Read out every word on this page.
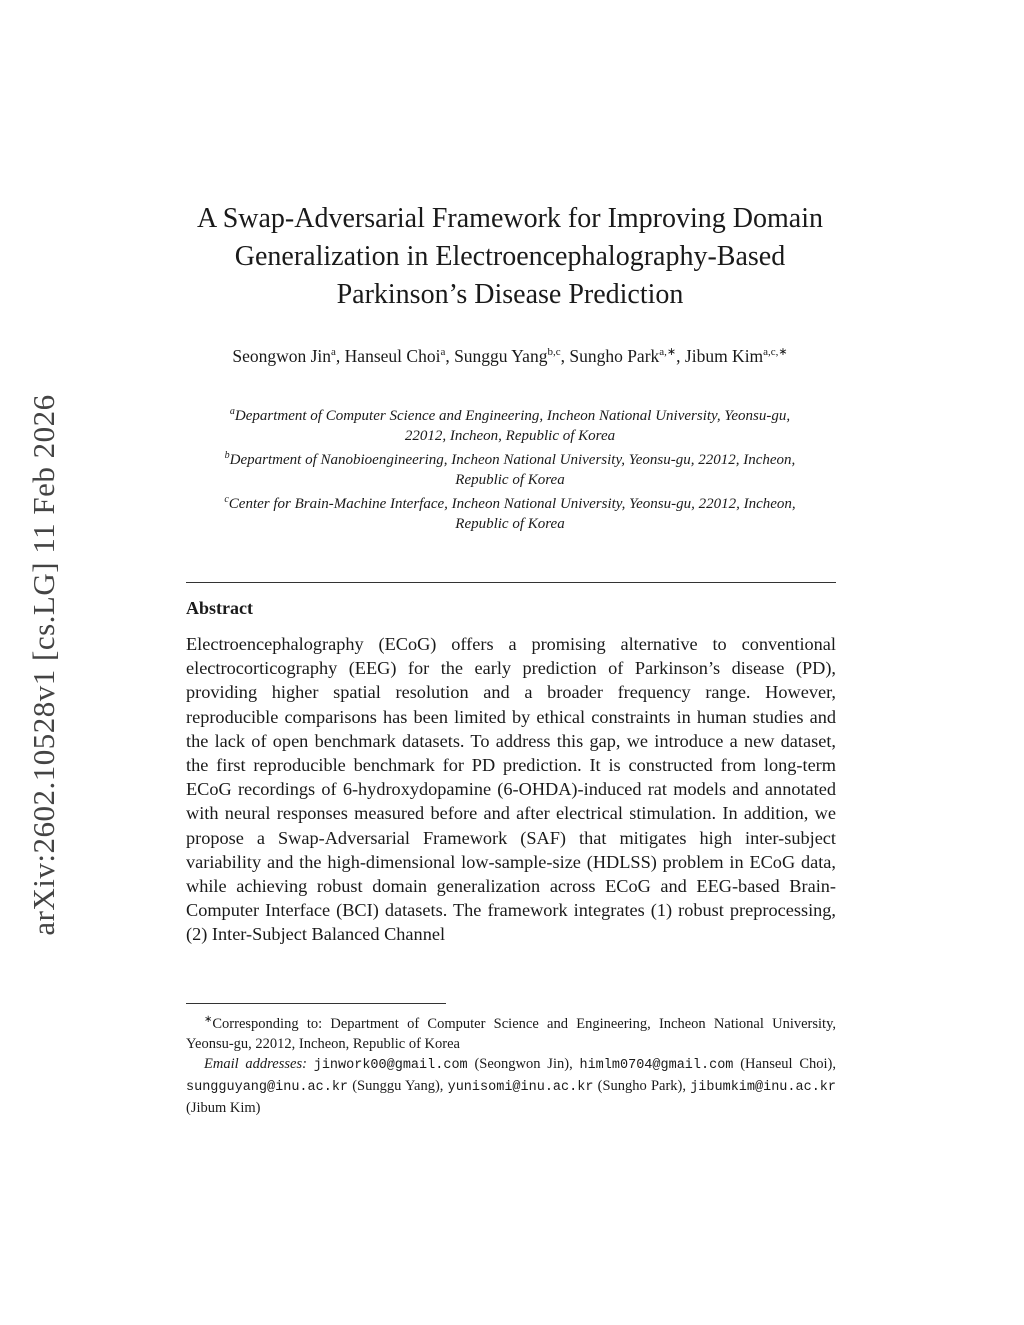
arXiv:2602.10528v1 [cs.LG] 11 Feb 2026
A Swap-Adversarial Framework for Improving Domain Generalization in Electroencephalography-Based Parkinson’s Disease Prediction
Seongwon Jin$^a$, Hanseul Choi$^a$, Sunggu Yang$^{b,c}$, Sungho Park$^{a,∗}$, Jibum Kim$^{a,c,∗}$
$^a$Department of Computer Science and Engineering, Incheon National University, Yeonsu-gu, 22012, Incheon, Republic of Korea
$^b$Department of Nanobioengineering, Incheon National University, Yeonsu-gu, 22012, Incheon, Republic of Korea
$^c$Center for Brain-Machine Interface, Incheon National University, Yeonsu-gu, 22012, Incheon, Republic of Korea
Abstract

Electroencephalography (ECoG) offers a promising alternative to conventional electrocorticography (EEG) for the early prediction of Parkinson’s disease (PD), providing higher spatial resolution and a broader frequency range. However, reproducible comparisons has been limited by ethical constraints in human studies and the lack of open benchmark datasets. To address this gap, we introduce a new dataset, the first reproducible benchmark for PD prediction. It is constructed from long-term ECoG recordings of 6-hydroxydopamine (6-OHDA)-induced rat models and annotated with neural responses measured before and after electrical stimulation. In addition, we propose a Swap-Adversarial Framework (SAF) that mitigates high inter-subject variability and the high-dimensional low-sample-size (HDLSS) problem in ECoG data, while achieving robust domain generalization across ECoG and EEG-based Brain-Computer Interface (BCI) datasets. The framework integrates (1) robust preprocessing, (2) Inter-Subject Balanced Channel

∗Corresponding to: Department of Computer Science and Engineering, Incheon National University, Yeonsu-gu, 22012, Incheon, Republic of Korea

Email addresses: jinwork00@gmail.com (Seongwon Jin), himlm0704@gmail.com (Hanseul Choi), sungguyang@inu.ac.kr (Sunggu Yang), yunisomi@inu.ac.kr (Sungho Park), jibumkim@inu.ac.kr (Jibum Kim)
